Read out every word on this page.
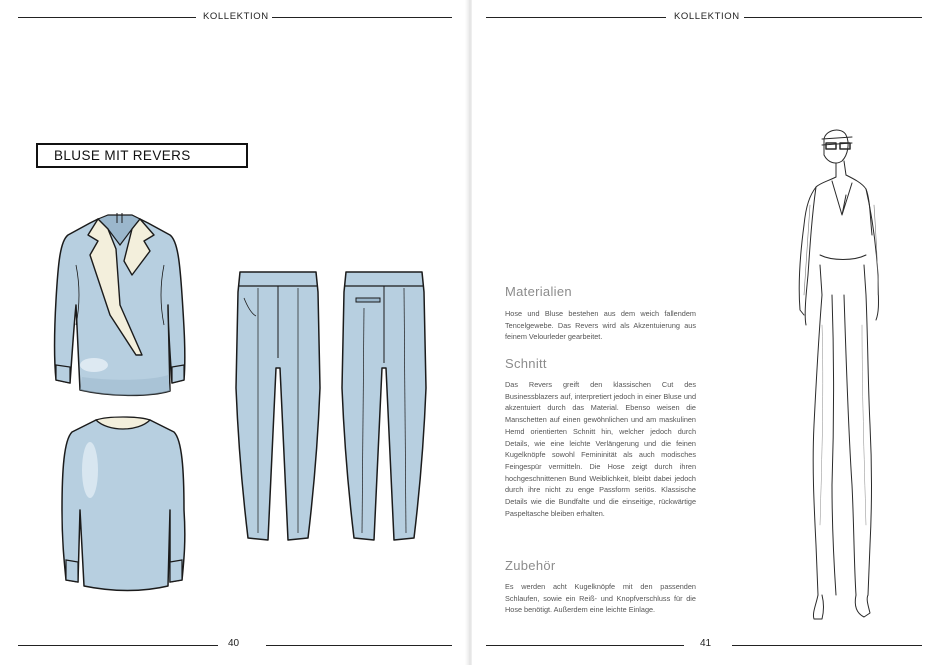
KOLLEKTION
BLUSE MIT REVERS
40
KOLLEKTION
41
Materialien
Hose und Bluse bestehen aus dem weich fallendem Tencelgewebe. Das Revers wird als Akzentuierung aus feinem Velourleder gearbeitet.
Schnitt
Das Revers greift den klassischen Cut des Businessblazers auf, interpretiert jedoch in einer Bluse und akzentuiert durch das Material. Ebenso weisen die Manschetten auf einen gewöhnlichen und am maskulinen Hemd orientierten Schnitt hin, welcher jedoch durch Details, wie eine leichte Verlängerung und die feinen Kugelknöpfe sowohl Femininität als auch modisches Feingespür vermitteln. Die Hose zeigt durch ihren hochgeschnittenen Bund Weiblichkeit, bleibt dabei jedoch durch ihre nicht zu enge Passform seriös. Klassische Details wie die Bundfalte und die einseitige, rückwärtige Paspeltasche bleiben erhalten.
Zubehör
Es werden acht Kugelknöpfe mit den passenden Schlaufen, sowie ein Reiß- und Knopfverschluss für die Hose benötigt. Außerdem eine leichte Einlage.
